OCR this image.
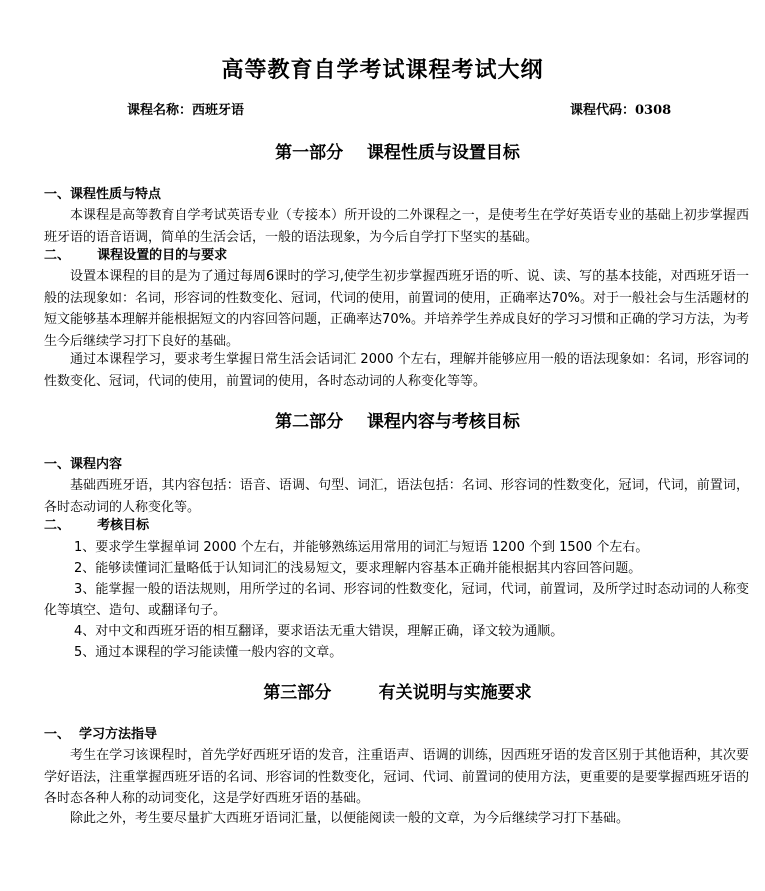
高等教育自学考试课程考试大纲
课程名称：西班牙语	课程代码：0308
第一部分    课程性质与设置目标
一、课程性质与特点

本课程是高等教育自学考试英语专业（专接本）所开设的二外课程之一，是使考生在学好英语专业的基础上初步掌握西班牙语的语音语调，简单的生活会话，一般的语法现象，为今后自学打下坚实的基础。

二、      课程设置的目的与要求

设置本课程的目的是为了通过每周6课时的学习,使学生初步掌握西班牙语的听、说、读、写的基本技能，对西班牙语一般的法现象如：名词，形容词的性数变化、冠词，代词的使用，前置词的使用，正确率达70%。对于一般社会与生活题材的短文能够基本理解并能根据短文的内容回答问题，正确率达70%。并培养学生养成良好的学习习惯和正确的学习方法，为考生今后继续学习打下良好的基础。

通过本课程学习，要求考生掌握日常生活会话词汇 2000 个左右，理解并能够应用一般的语法现象如：名词，形容词的性数变化、冠词，代词的使用，前置词的使用，各时态动词的人称变化等等。

第二部分    课程内容与考核目标
一、课程内容

基础西班牙语，其内容包括：语音、语调、句型、词汇，语法包括：名词、形容词的性数变化，冠词，代词，前置词，各时态动词的人称变化等。

二、      考核目标
1、要求学生掌握单词 2000 个左右，并能够熟练运用常用的词汇与短语 1200 个到 1500 个左右。
2、能够读懂词汇量略低于认知词汇的浅易短文，要求理解内容基本正确并能根据其内容回答问题。
3、能掌握一般的语法规则，用所学过的名词、形容词的性数变化，冠词，代词，前置词，及所学过时态动词的人称变化等填空、造句、或翻译句子。
4、对中文和西班牙语的相互翻译，要求语法无重大错误，理解正确，译文较为通顺。
5、通过本课程的学习能读懂一般内容的文章。
第三部分        有关说明与实施要求
一、  学习方法指导

考生在学习该课程时，首先学好西班牙语的发音，注重语声、语调的训练，因西班牙语的发音区别于其他语种，其次要学好语法，注重掌握西班牙语的名词、形容词的性数变化，冠词、代词、前置词的使用方法，更重要的是要掌握西班牙语的各时态各种人称的动词变化，这是学好西班牙语的基础。

除此之外，考生要尽量扩大西班牙语词汇量，以便能阅读一般的文章，为今后继续学习打下基础。
